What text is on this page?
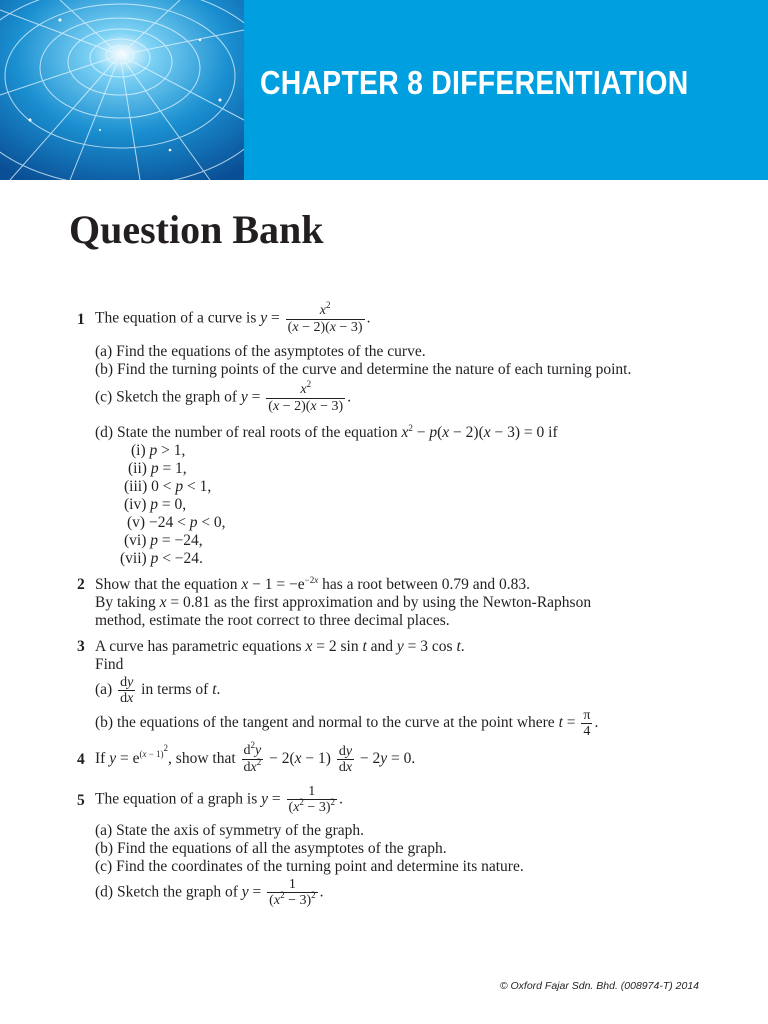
CHAPTER 8 DIFFERENTIATION
Question Bank
1 The equation of a curve is $y = \frac{x^2}{(x - 2)(x - 3)}$ .
(a) Find the equations of the asymptotes of the curve.
(b) Find the turning points of the curve and determine the nature of each turning point.
(c) Sketch the graph of $y = \frac{x^2}{(x - 2)(x - 3)}$ .
(d) State the number of real roots of the equation $x^2 - p(x - 2)(x - 3) = 0$ if
(i) p > 1,
(ii) p = 1,
(iii) 0 < p < 1,
(iv) p = 0,
(v) −24 < p < 0,
(vi) p = −24,
(vii) p < −24.
2 Show that the equation $x - 1 = -e^{-2x}$ has a root between 0.79 and 0.83.
By taking x = 0.81 as the first approximation and by using the Newton-Raphson
method, estimate the root correct to three decimal places.
3 A curve has parametric equations x = 2 sin t and y = 3 cos t.
Find
$(a) \frac{dy}{dx}$ in terms of t.
(b) the equations of the tangent and normal to the curve at the point where $t = \frac{\pi}{4}$ .
4 If $y = e^{(x - 1)^2}$, show that $\frac{d^2y}{dx^2} - 2(x - 1) \frac{dy}{dx} - 2y = 0$.
5 The equation of a graph is $y = \frac{1}{(x^2 - 3)^2}$ .
(a) State the axis of symmetry of the graph.
(b) Find the equations of all the asymptotes of the graph.
(c) Find the coordinates of the turning point and determine its nature.
(d) Sketch the graph of $y = \frac{1}{(x^2 - 3)^2}$ .
© Oxford Fajar Sdn. Bhd. (008974-T) 2014
